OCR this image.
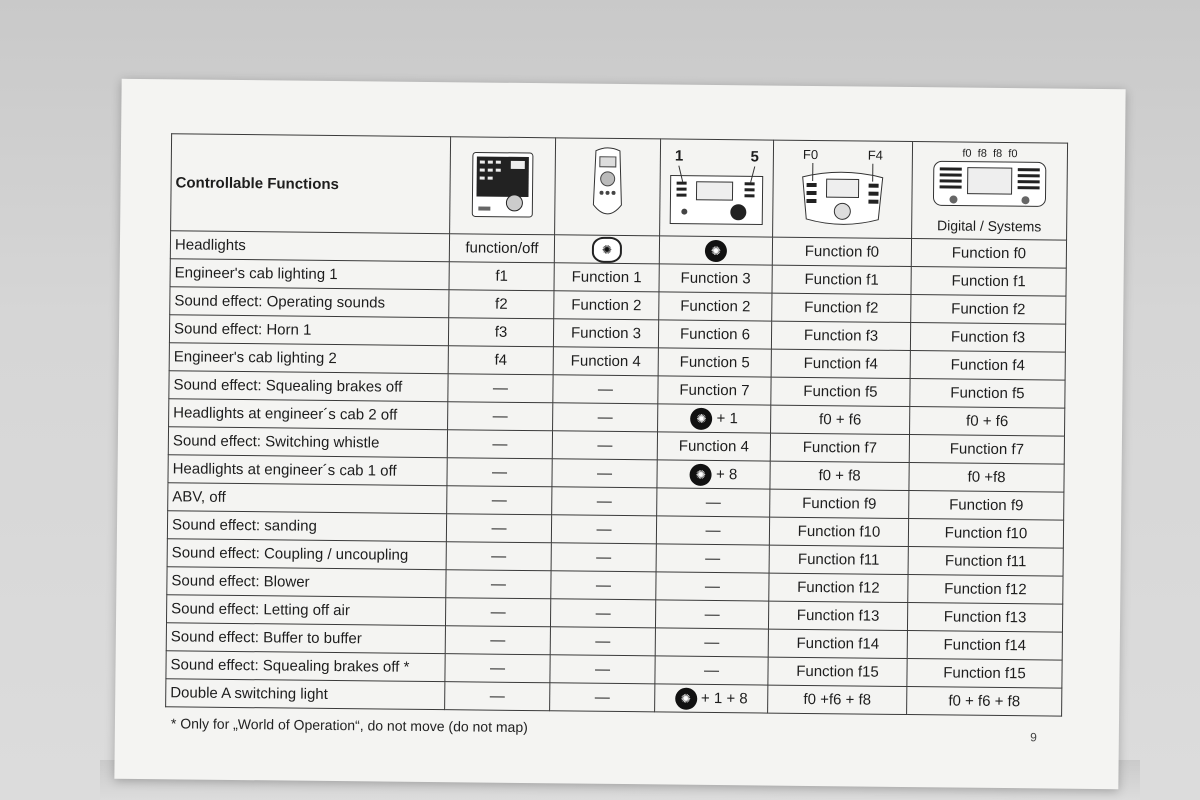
Controllable Functions			1 5	F0 F4	f0 f8 f8 f0
Digital / Systems

Headlights	function/off	✺	✺	Function f0	Function f0
Engineer's cab lighting 1	f1	Function 1	Function 3	Function f1	Function f1
Sound effect: Operating sounds	f2	Function 2	Function 2	Function f2	Function f2
Sound effect: Horn 1	f3	Function 3	Function 6	Function f3	Function f3
Engineer's cab lighting 2	f4	Function 4	Function 5	Function f4	Function f4
Sound effect: Squealing brakes off	—	—	Function 7	Function f5	Function f5
Headlights at engineer´s cab 2 off	—	—	✺ + 1	f0 + f6	f0 + f6
Sound effect: Switching whistle	—	—	Function 4	Function f7	Function f7
Headlights at engineer´s cab 1 off	—	—	✺ + 8	f0 + f8	f0 +f8
ABV, off	—	—	—	Function f9	Function f9
Sound effect: sanding	—	—	—	Function f10	Function f10
Sound effect: Coupling / uncoupling	—	—	—	Function f11	Function f11
Sound effect: Blower	—	—	—	Function f12	Function f12
Sound effect: Letting off air	—	—	—	Function f13	Function f13
Sound effect: Buffer to buffer	—	—	—	Function f14	Function f14
Sound effect: Squealing brakes off *	—	—	—	Function f15	Function f15
Double A switching light	—	—	✺ + 1 + 8	f0 +f6 + f8	f0 + f6 + f8
* Only for „World of Operation“, do not move (do not map)
9
